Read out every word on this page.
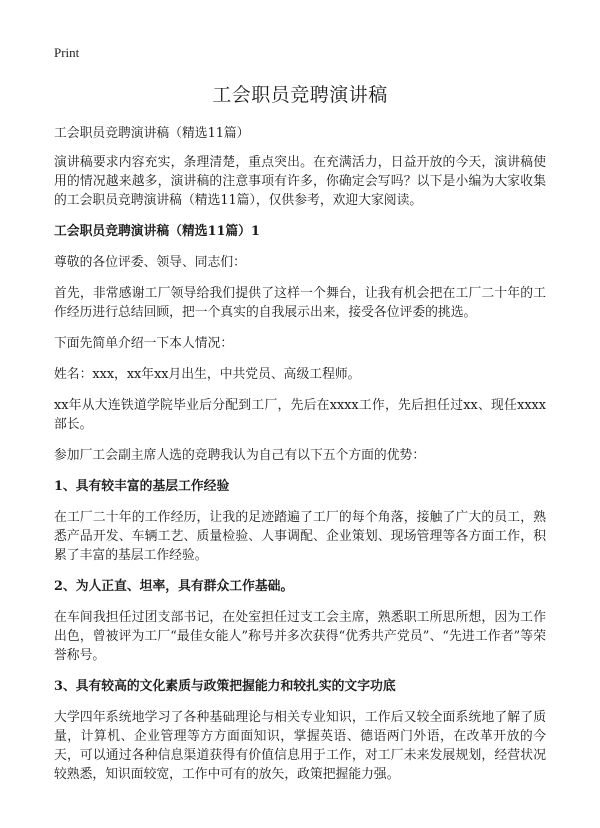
Print
工会职员竞聘演讲稿

工会职员竞聘演讲稿（精选11篇）

演讲稿要求内容充实，条理清楚，重点突出。在充满活力，日益开放的今天，演讲稿使用的情况越来越多，演讲稿的注意事项有许多，你确定会写吗？以下是小编为大家收集的工会职员竞聘演讲稿（精选11篇），仅供参考，欢迎大家阅读。

工会职员竞聘演讲稿（精选11篇）1

尊敬的各位评委、领导、同志们：

首先，非常感谢工厂领导给我们提供了这样一个舞台，让我有机会把在工厂二十年的工作经历进行总结回顾，把一个真实的自我展示出来，接受各位评委的挑选。

下面先简单介绍一下本人情况：

姓名：xxx，xx年xx月出生，中共党员、高级工程师。

xx年从大连铁道学院毕业后分配到工厂，先后在xxxx工作，先后担任过xx、现任xxxx部长。

参加厂工会副主席人选的竞聘我认为自己有以下五个方面的优势：

1、具有较丰富的基层工作经验

在工厂二十年的工作经历，让我的足迹踏遍了工厂的每个角落，接触了广大的员工，熟悉产品开发、车辆工艺、质量检验、人事调配、企业策划、现场管理等各方面工作，积累了丰富的基层工作经验。

2、为人正直、坦率，具有群众工作基础。

在车间我担任过团支部书记，在处室担任过支工会主席，熟悉职工所思所想，因为工作出色，曾被评为工厂“最佳女能人”称号并多次获得“优秀共产党员”、“先进工作者”等荣誉称号。

3、具有较高的文化素质与政策把握能力和较扎实的文字功底

大学四年系统地学习了各种基础理论与相关专业知识，工作后又较全面系统地了解了质量，计算机、企业管理等方方面面知识，掌握英语、德语两门外语，在改革开放的今天，可以通过各种信息渠道获得有价值信息用于工作，对工厂未来发展规划，经营状况较熟悉，知识面较宽，工作中可有的放矢，政策把握能力强。
